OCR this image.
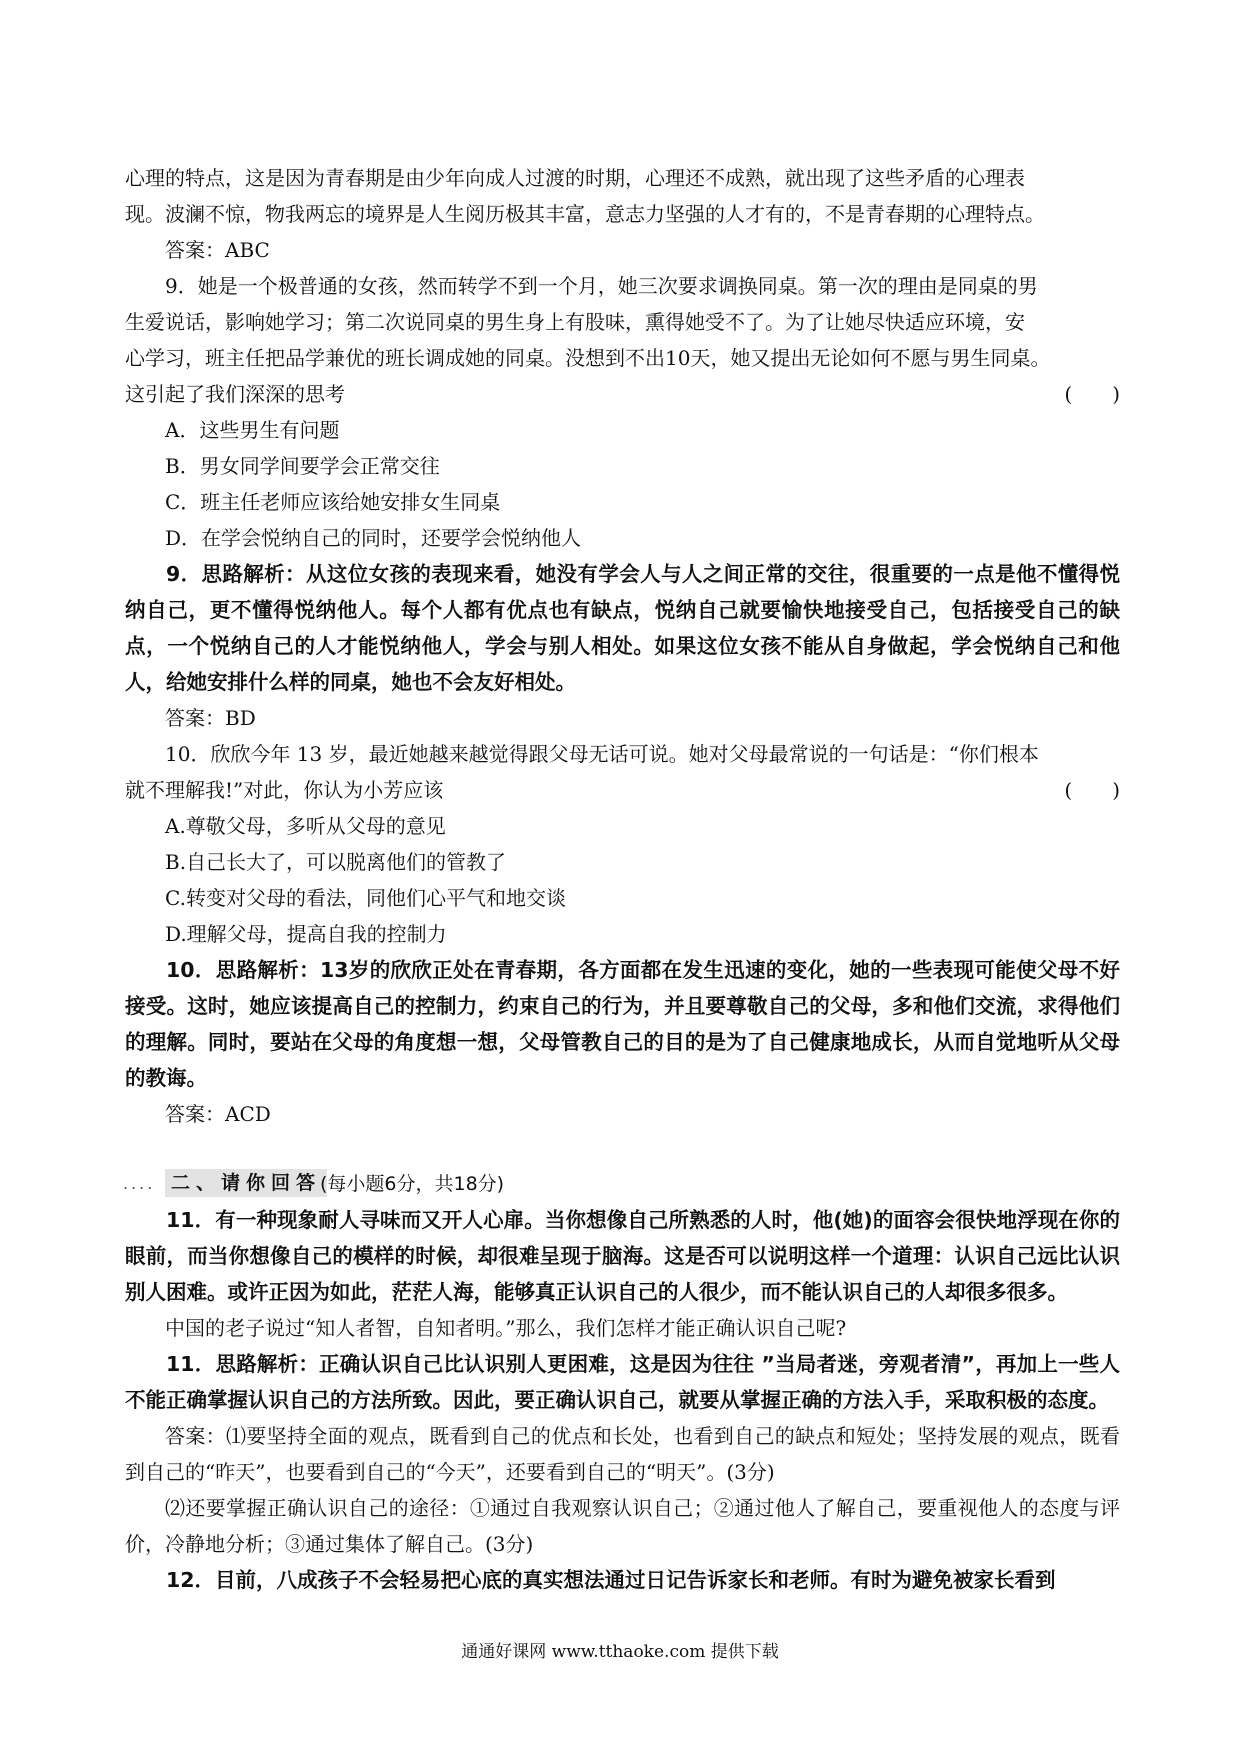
心理的特点，这是因为青春期是由少年向成人过渡的时期，心理还不成熟，就出现了这些矛盾的心理表

现。波澜不惊，物我两忘的境界是人生阅历极其丰富，意志力坚强的人才有的，不是青春期的心理特点。

答案：ABC

9．她是一个极普通的女孩，然而转学不到一个月，她三次要求调换同桌。第一次的理由是同桌的男

生爱说话，影响她学习；第二次说同桌的男生身上有股味，熏得她受不了。为了让她尽快适应环境，安

心学习，班主任把品学兼优的班长调成她的同桌。没想到不出10天，她又提出无论如何不愿与男生同桌。

这引起了我们深深的思考	(　　)

A．这些男生有问题

B．男女同学间要学会正常交往

C．班主任老师应该给她安排女生同桌

D．在学会悦纳自己的同时，还要学会悦纳他人

9．思路解析：从这位女孩的表现来看，她没有学会人与人之间正常的交往，很重要的一点是他不懂得悦纳自己，更不懂得悦纳他人。每个人都有优点也有缺点，悦纳自己就要愉快地接受自己，包括接受自己的缺点，一个悦纳自己的人才能悦纳他人，学会与别人相处。如果这位女孩不能从自身做起，学会悦纳自己和他人，给她安排什么样的同桌，她也不会友好相处。

答案：BD

10．欣欣今年 13 岁，最近她越来越觉得跟父母无话可说。她对父母最常说的一句话是：“你们根本

就不理解我!”对此，你认为小芳应该	(　　)

A.尊敬父母，多听从父母的意见

B.自己长大了，可以脱离他们的管教了

C.转变对父母的看法，同他们心平气和地交谈

D.理解父母，提高自我的控制力

10．思路解析：13岁的欣欣正处在青春期，各方面都在发生迅速的变化，她的一些表现可能使父母不好接受。这时，她应该提高自己的控制力，约束自己的行为，并且要尊敬自己的父母，多和他们交流，求得他们的理解。同时，要站在父母的角度想一想，父母管教自己的目的是为了自己健康地成长，从而自觉地听从父母的教诲。

答案：ACD

.... 二、请你回答
(每小题6分，共18分)

11．有一种现象耐人寻味而又开人心扉。当你想像自己所熟悉的人时，他(她)的面容会很快地浮现在你的眼前，而当你想像自己的模样的时候，却很难呈现于脑海。这是否可以说明这样一个道理：认识自己远比认识别人困难。或许正因为如此，茫茫人海，能够真正认识自己的人很少，而不能认识自己的人却很多很多。

中国的老子说过“知人者智，自知者明。”那么，我们怎样才能正确认识自己呢?

11．思路解析：正确认识自己比认识别人更困难，这是因为往往 ”当局者迷，旁观者清”，再加上一些人不能正确掌握认识自己的方法所致。因此，要正确认识自己，就要从掌握正确的方法入手，采取积极的态度。

答案：⑴要坚持全面的观点，既看到自己的优点和长处，也看到自己的缺点和短处；坚持发展的观点，既看到自己的“昨天”，也要看到自己的“今天”，还要看到自己的“明天”。(3分)

⑵还要掌握正确认识自己的途径：①通过自我观察认识自己；②通过他人了解自己，要重视他人的态度与评价，冷静地分析；③通过集体了解自己。(3分)

12．目前，八成孩子不会轻易把心底的真实想法通过日记告诉家长和老师。有时为避免被家长看到

通通好课网 www.tthaoke.com 提供下载
